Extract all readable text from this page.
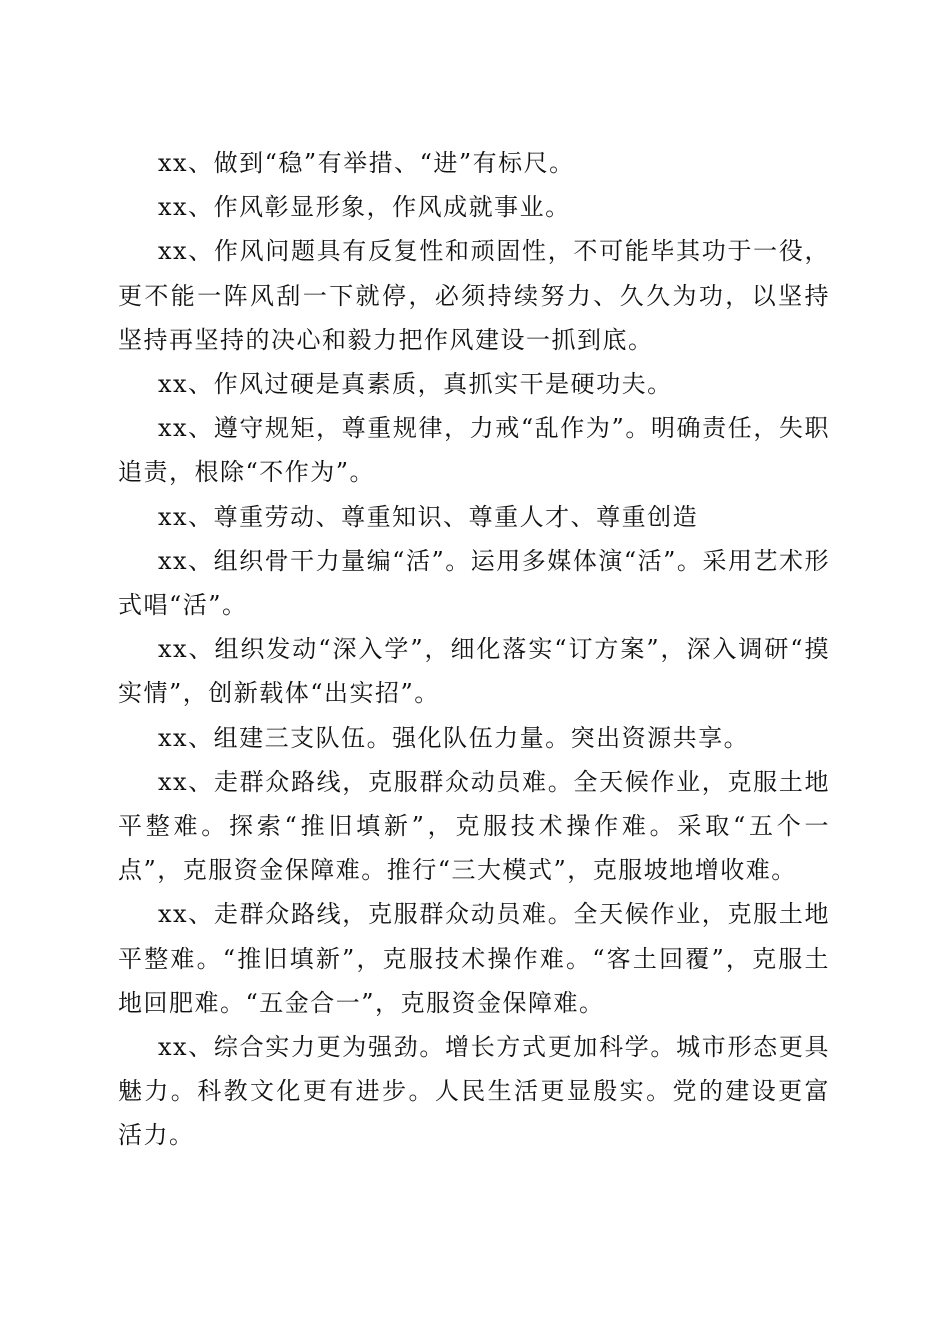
xx、做到“稳”有举措、“进”有标尺。

xx、作风彰显形象，作风成就事业。

xx、作风问题具有反复性和顽固性，不可能毕其功于一役，更不能一阵风刮一下就停，必须持续努力、久久为功，以坚持坚持再坚持的决心和毅力把作风建设一抓到底。

xx、作风过硬是真素质，真抓实干是硬功夫。

xx、遵守规矩，尊重规律，力戒“乱作为”。明确责任，失职追责，根除“不作为”。

xx、尊重劳动、尊重知识、尊重人才、尊重创造

xx、组织骨干力量编“活”。运用多媒体演“活”。采用艺术形式唱“活”。

xx、组织发动“深入学”，细化落实“订方案”，深入调研“摸实情”，创新载体“出实招”。

xx、组建三支队伍。强化队伍力量。突出资源共享。

xx、走群众路线，克服群众动员难。全天候作业，克服土地平整难。探索“推旧填新”，克服技术操作难。采取“五个一点”，克服资金保障难。推行“三大模式”，克服坡地增收难。

xx、走群众路线，克服群众动员难。全天候作业，克服土地平整难。“推旧填新”，克服技术操作难。“客土回覆”，克服土地回肥难。“五金合一”，克服资金保障难。

xx、综合实力更为强劲。增长方式更加科学。城市形态更具魅力。科教文化更有进步。人民生活更显殷实。党的建设更富活力。
